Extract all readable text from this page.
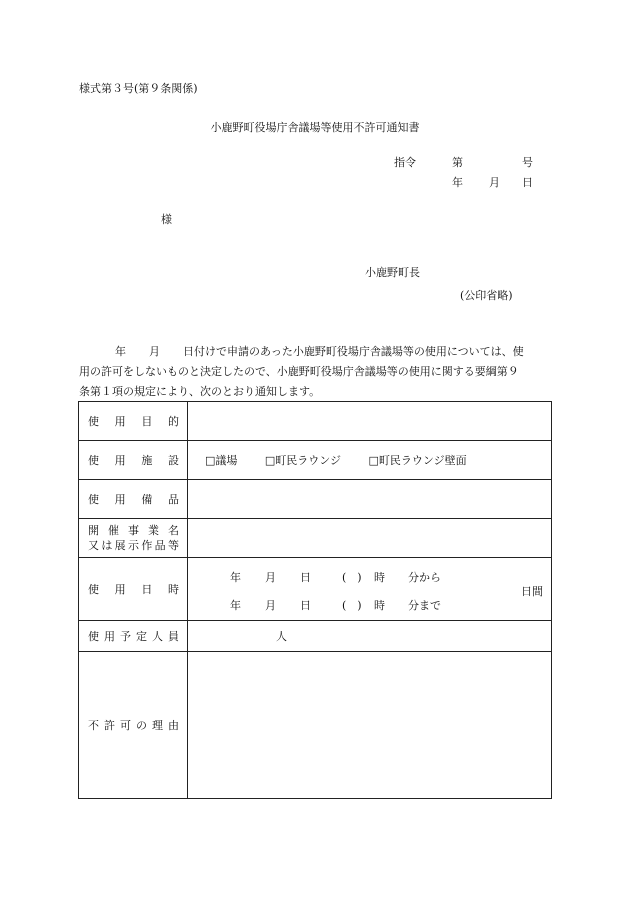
様式第３号(第９条関係)
小鹿野町役場庁舎議場等使用不許可通知書
指令	第	号
年 月 日
様
小鹿野町長
(公印省略)

年 月 日付けで申請のあった小鹿野町役場庁舎議場等の使用については、使
用の許可をしないものと決定したので、小鹿野町役場庁舎議場等の使用に関する要綱第９
条第１項の規定により、次のとおり通知します。

使用目的	

使用施設	□議場 □町民ラウンジ □町民ラウンジ壁面

使用備品	

開催事業名
又は展示作品等	

使用日時	年 月 日 (　) 時 分から
年 月 日 (　) 時 分まで
日間

使用予定人員	人

不許可の理由	
